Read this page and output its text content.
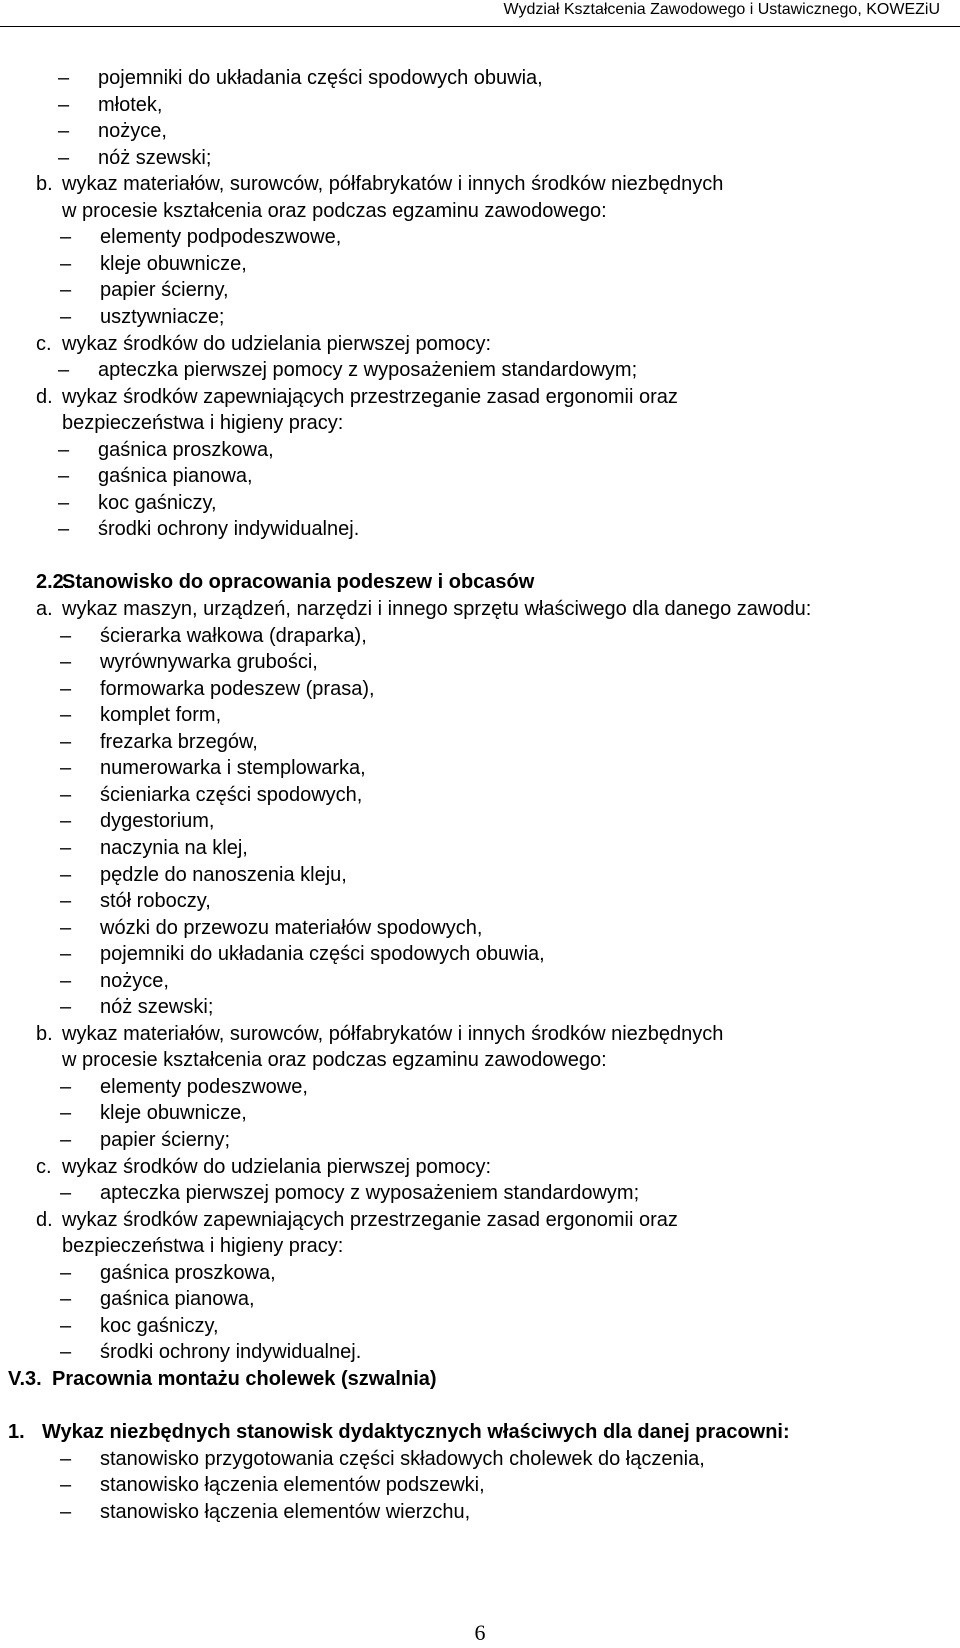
Wydział Kształcenia Zawodowego i Ustawicznego, KOWEZiU
– pojemniki do układania części spodowych obuwia,
– młotek,
– nożyce,
– nóż szewski;
b. wykaz materiałów, surowców, półfabrykatów i innych środków niezbędnych
w procesie kształcenia oraz podczas egzaminu zawodowego:
– elementy podpodeszwowe,
– kleje obuwnicze,
– papier ścierny,
– usztywniacze;
c. wykaz środków do udzielania pierwszej pomocy:
– apteczka pierwszej pomocy z wyposażeniem standardowym;
d. wykaz środków zapewniających przestrzeganie zasad ergonomii oraz
bezpieczeństwa i higieny pracy:
– gaśnica proszkowa,
– gaśnica pianowa,
– koc gaśniczy,
– środki ochrony indywidualnej.
2.2.
Stanowisko do opracowania podeszew i obcasów
a. wykaz maszyn, urządzeń, narzędzi i innego sprzętu właściwego dla danego zawodu:
– ścierarka wałkowa (draparka),
– wyrównywarka grubości,
– formowarka podeszew (prasa),
– komplet form,
– frezarka brzegów,
– numerowarka i stemplowarka,
– ścieniarka części spodowych,
– dygestorium,
– naczynia na klej,
– pędzle do nanoszenia kleju,
– stół roboczy,
– wózki do przewozu materiałów spodowych,
– pojemniki do układania części spodowych obuwia,
– nożyce,
– nóż szewski;
b. wykaz materiałów, surowców, półfabrykatów i innych środków niezbędnych
w procesie kształcenia oraz podczas egzaminu zawodowego:
– elementy podeszwowe,
– kleje obuwnicze,
– papier ścierny;
c. wykaz środków do udzielania pierwszej pomocy:
– apteczka pierwszej pomocy z wyposażeniem standardowym;
d. wykaz środków zapewniających przestrzeganie zasad ergonomii oraz
bezpieczeństwa i higieny pracy:
– gaśnica proszkowa,
– gaśnica pianowa,
– koc gaśniczy,
– środki ochrony indywidualnej.
V.3. Pracownia montażu cholewek (szwalnia)
1. Wykaz niezbędnych stanowisk dydaktycznych właściwych dla danej pracowni:
– stanowisko przygotowania części składowych cholewek do łączenia,
– stanowisko łączenia elementów podszewki,
– stanowisko łączenia elementów wierzchu,
6
